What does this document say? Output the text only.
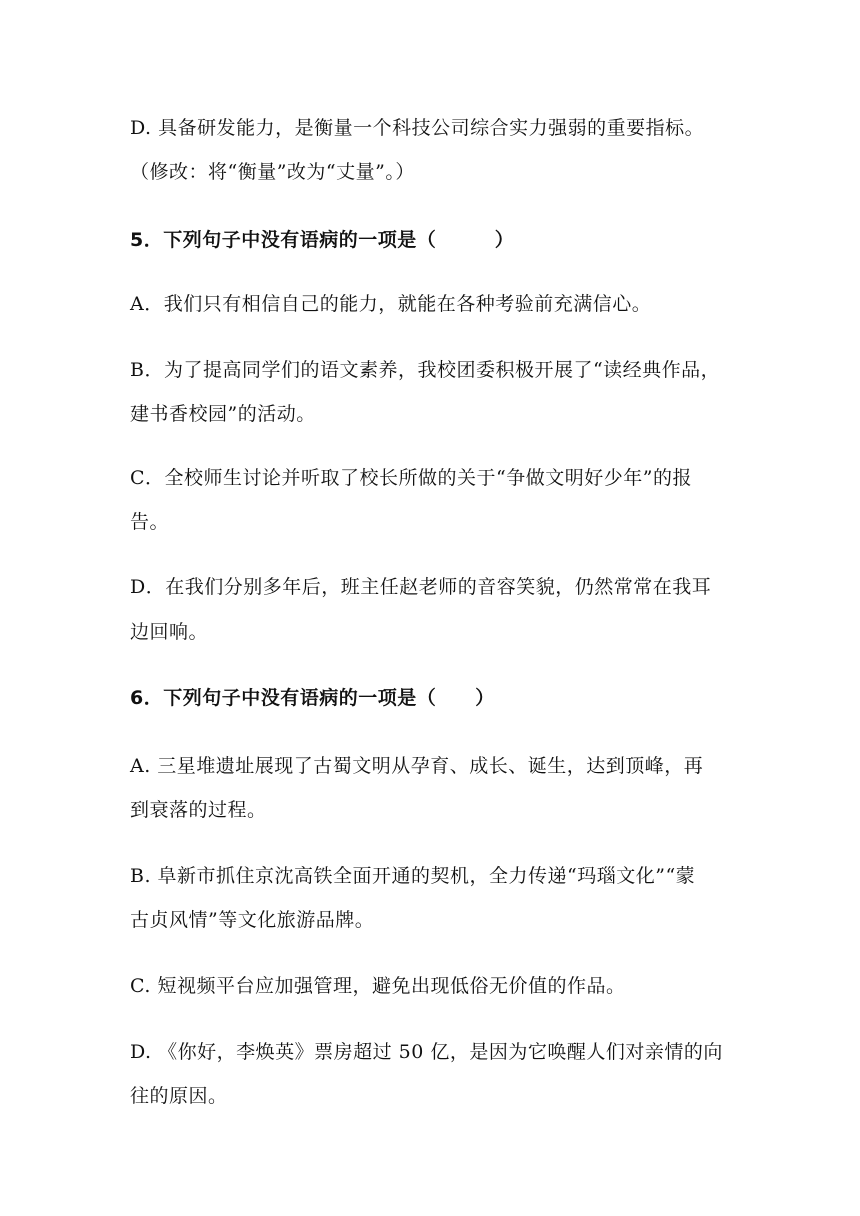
D. 具备研发能力，是衡量一个科技公司综合实力强弱的重要指标。
（修改：将“衡量”改为“丈量”。）
5．下列句子中没有语病的一项是（　　　）
A．我们只有相信自己的能力，就能在各种考验前充满信心。
B．为了提高同学们的语文素养，我校团委积极开展了“读经典作品，
建书香校园”的活动。
C．全校师生讨论并听取了校长所做的关于“争做文明好少年”的报
告。
D．在我们分别多年后，班主任赵老师的音容笑貌，仍然常常在我耳
边回响。
6．下列句子中没有语病的一项是（　　）
A. 三星堆遗址展现了古蜀文明从孕育、成长、诞生，达到顶峰，再
到衰落的过程。
B. 阜新市抓住京沈高铁全面开通的契机，全力传递“玛瑙文化”“蒙
古贞风情”等文化旅游品牌。
C. 短视频平台应加强管理，避免出现低俗无价值的作品。
D. 《你好，李焕英》票房超过 50 亿，是因为它唤醒人们对亲情的向
往的原因。
